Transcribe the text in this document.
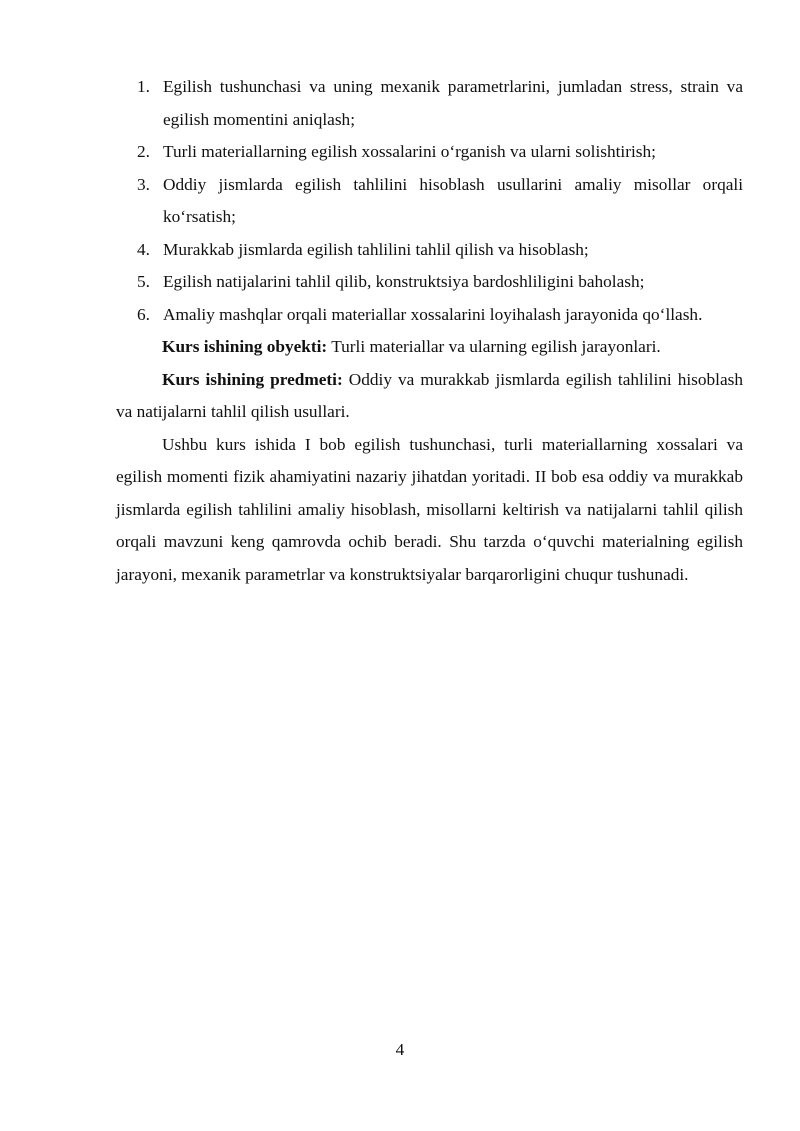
1. Egilish tushunchasi va uning mexanik parametrlarini, jumladan stress, strain va egilish momentini aniqlash;
2. Turli materiallarning egilish xossalarini o‘rganish va ularni solishtirish;
3. Oddiy jismlarda egilish tahlilini hisoblash usullarini amaliy misollar orqali ko‘rsatish;
4. Murakkab jismlarda egilish tahlilini tahlil qilish va hisoblash;
5. Egilish natijalarini tahlil qilib, konstruktsiya bardoshliligini baholash;
6. Amaliy mashqlar orqali materiallar xossalarini loyihalash jarayonida qo‘llash.

Kurs ishining obyekti: Turli materiallar va ularning egilish jarayonlari.

Kurs ishining predmeti: Oddiy va murakkab jismlarda egilish tahlilini hisoblash va natijalarni tahlil qilish usullari.

Ushbu kurs ishida I bob egilish tushunchasi, turli materiallarning xossalari va egilish momenti fizik ahamiyatini nazariy jihatdan yoritadi. II bob esa oddiy va murakkab jismlarda egilish tahlilini amaliy hisoblash, misollarni keltirish va natijalarni tahlil qilish orqali mavzuni keng qamrovda ochib beradi. Shu tarzda o‘quvchi materialning egilish jarayoni, mexanik parametrlar va konstruktsiyalar barqarorligini chuqur tushunadi.

4
